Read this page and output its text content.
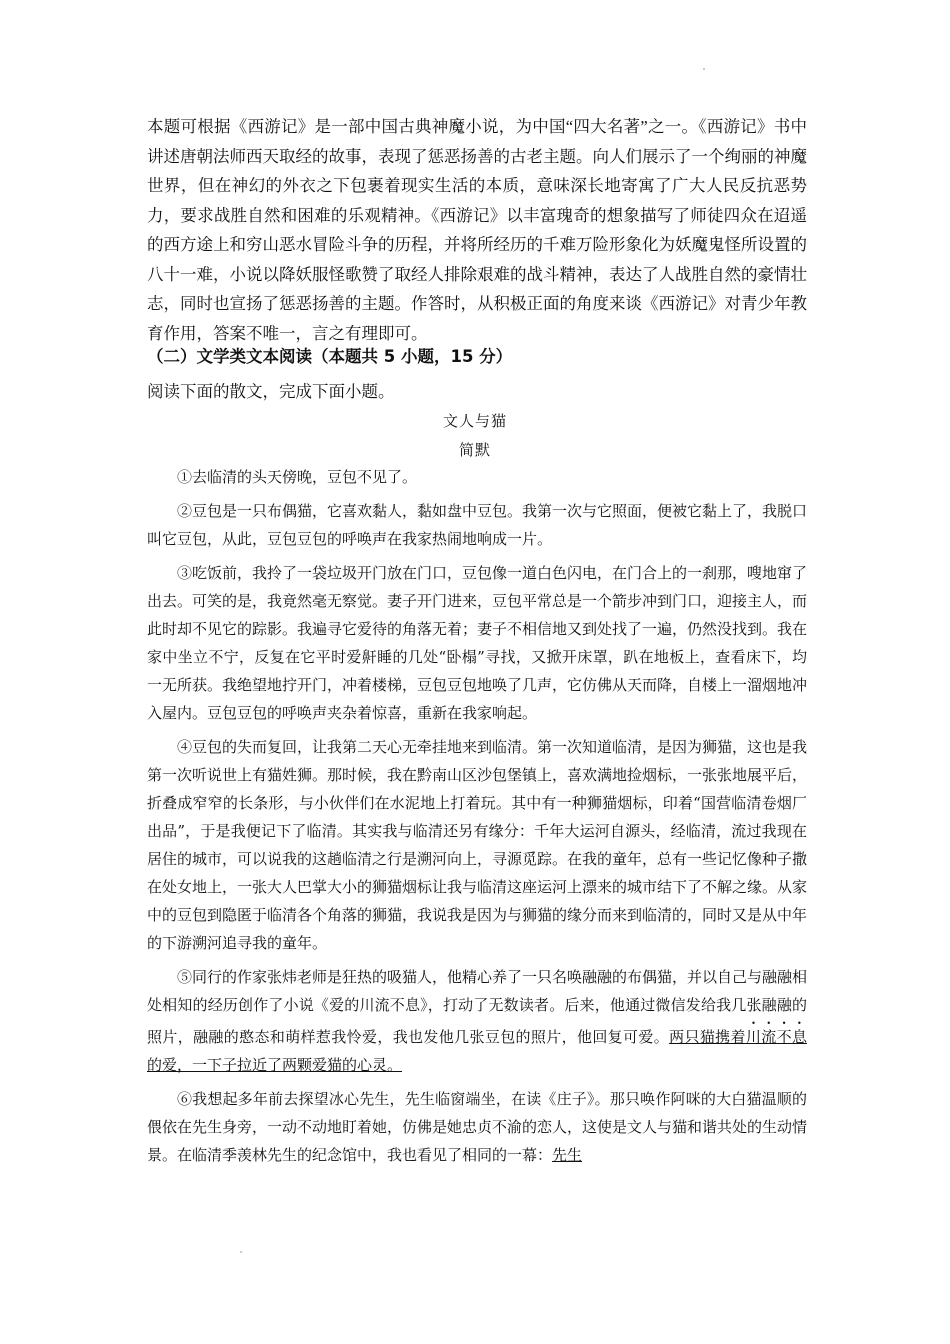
本题可根据《西游记》是一部中国古典神魔小说，为中国“四大名著”之一。《西游记》书中讲述唐朝法师西天取经的故事，表现了惩恶扬善的古老主题。向人们展示了一个绚丽的神魔世界，但在神幻的外衣之下包裹着现实生活的本质，意味深长地寄寓了广大人民反抗恶势力，要求战胜自然和困难的乐观精神。《西游记》以丰富瑰奇的想象描写了师徒四众在迢遥的西方途上和穷山恶水冒险斗争的历程，并将所经历的千难万险形象化为妖魔鬼怪所设置的八十一难，小说以降妖服怪歌赞了取经人排除艰难的战斗精神，表达了人战胜自然的豪情壮志，同时也宣扬了惩恶扬善的主题。作答时，从积极正面的角度来谈《西游记》对青少年教育作用，答案不唯一，言之有理即可。

（二）文学类文本阅读（本题共 5 小题，15 分）

阅读下面的散文，完成下面小题。

文人与猫

简默

①去临清的头天傍晚，豆包不见了。

②豆包是一只布偶猫，它喜欢黏人，黏如盘中豆包。我第一次与它照面，便被它黏上了，我脱口叫它豆包，从此，豆包豆包的呼唤声在我家热闹地响成一片。

③吃饭前，我拎了一袋垃圾开门放在门口，豆包像一道白色闪电，在门合上的一刹那，嗖地窜了出去。可笑的是，我竟然毫无察觉。妻子开门进来，豆包平常总是一个箭步冲到门口，迎接主人，而此时却不见它的踪影。我遍寻它爱待的角落无着；妻子不相信地又到处找了一遍，仍然没找到。我在家中坐立不宁，反复在它平时爱鼾睡的几处“卧榻”寻找，又掀开床罩，趴在地板上，查看床下，均一无所获。我绝望地拧开门，冲着楼梯，豆包豆包地唤了几声，它仿佛从天而降，自楼上一溜烟地冲入屋内。豆包豆包的呼唤声夹杂着惊喜，重新在我家响起。

④豆包的失而复回，让我第二天心无牵挂地来到临清。第一次知道临清，是因为狮猫，这也是我第一次听说世上有猫姓狮。那时候，我在黔南山区沙包堡镇上，喜欢满地捡烟标，一张张地展平后，折叠成窄窄的长条形，与小伙伴们在水泥地上打着玩。其中有一种狮猫烟标，印着“国营临清卷烟厂出品”，于是我便记下了临清。其实我与临清还另有缘分：千年大运河自源头，经临清，流过我现在居住的城市，可以说我的这趟临清之行是溯河向上，寻源觅踪。在我的童年，总有一些记忆像种子撒在处女地上，一张大人巴掌大小的狮猫烟标让我与临清这座运河上漂来的城市结下了不解之缘。从家中的豆包到隐匿于临清各个角落的狮猫，我说我是因为与狮猫的缘分而来到临清的，同时又是从中年的下游溯河追寻我的童年。

⑤同行的作家张炜老师是狂热的吸猫人，他精心养了一只名唤融融的布偶猫，并以自己与融融相处相知的经历创作了小说《爱的川流不息》，打动了无数读者。后来，他通过微信发给我几张融融的照片，融融的憨态和萌样惹我怜爱，我也发他几张豆包的照片，他回复可爱。两只猫携着川流不息的爱，一下子拉近了两颗爱猫的心灵。

⑥我想起多年前去探望冰心先生，先生临窗端坐，在读《庄子》。那只唤作阿咪的大白猫温顺的偎依在先生身旁，一动不动地盯着她，仿佛是她忠贞不渝的恋人，这使是文人与猫和谐共处的生动情景。在临清季羡林先生的纪念馆中，我也看见了相同的一幕：先生
